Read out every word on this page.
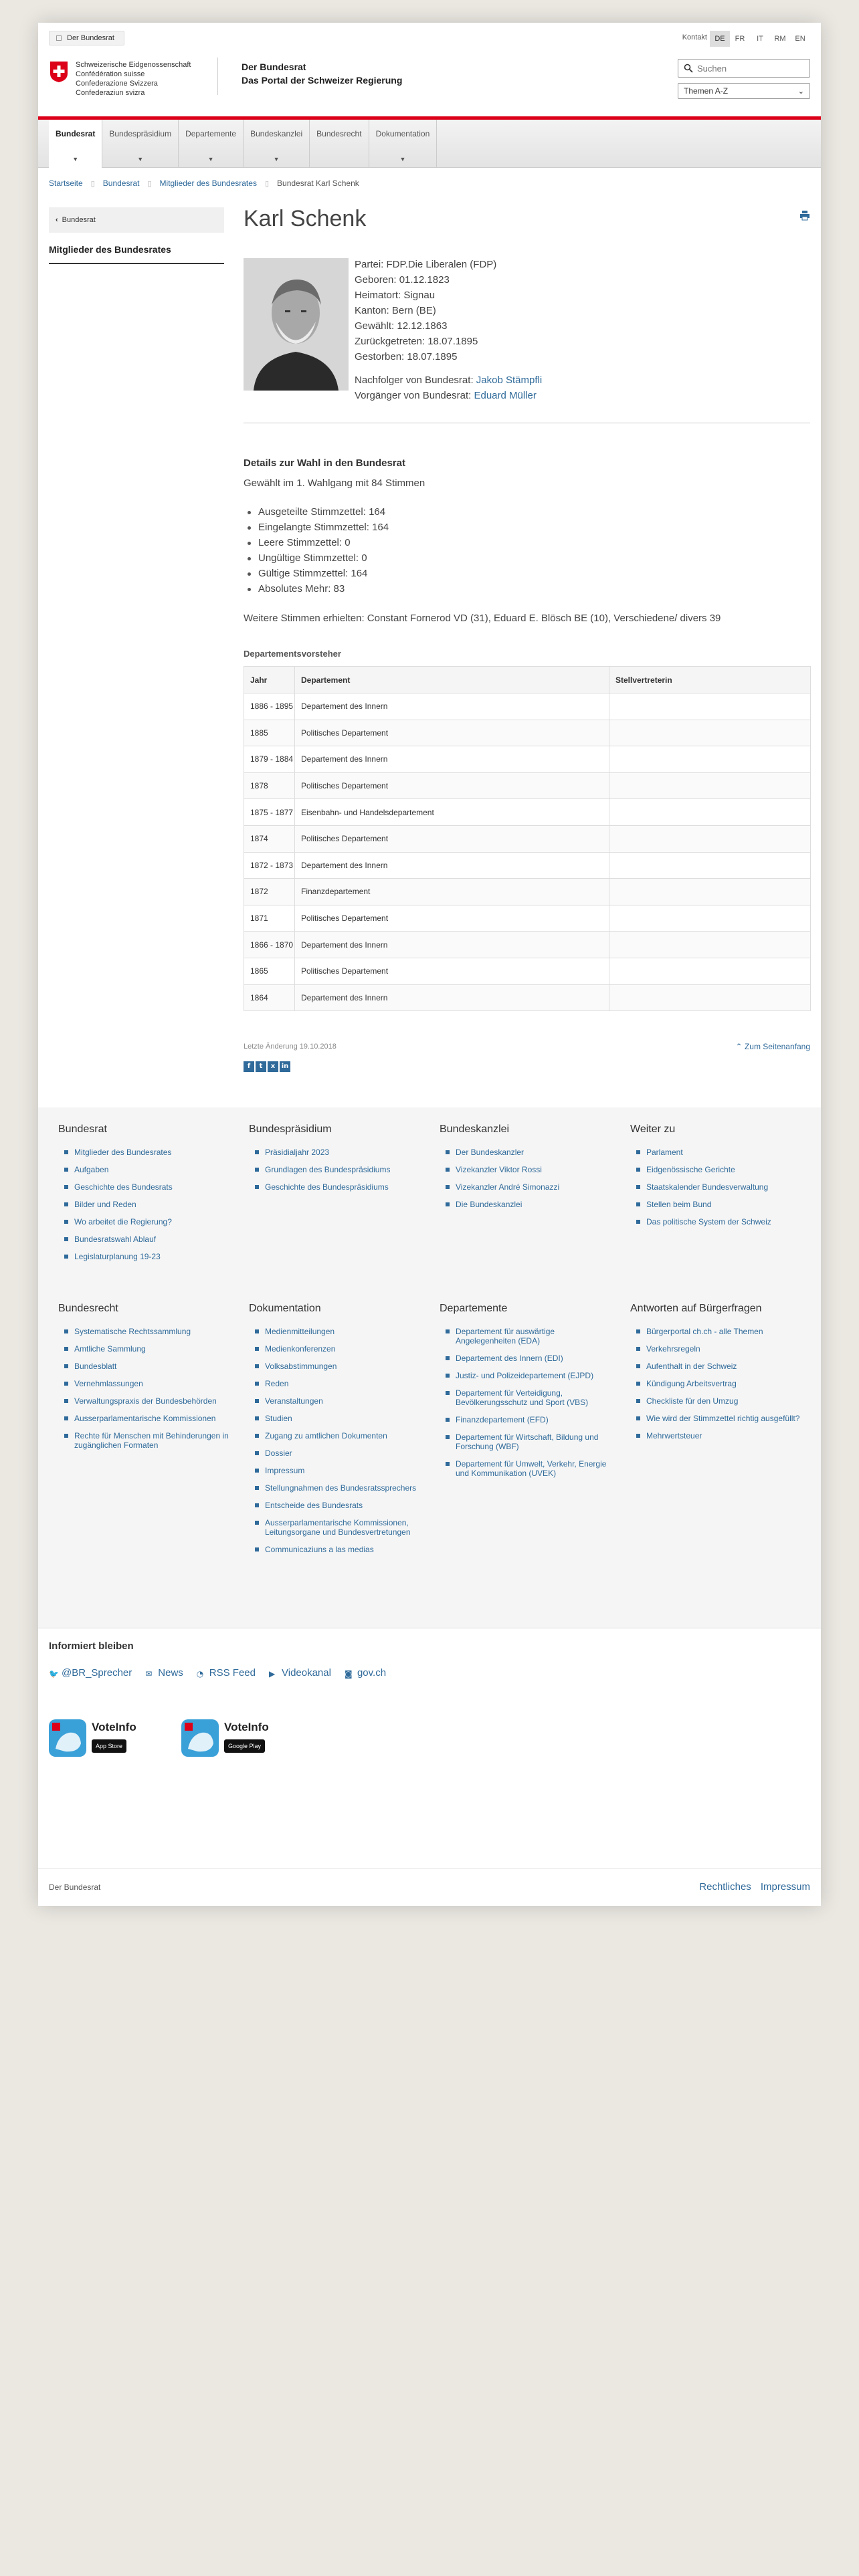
Der Bundesrat	Kontakt	DE	FR	IT	RM	EN
Schweizerische Eidgenossenschaft
Confédération suisse
Confederazione Svizzera
Confederaziun svizra
Der Bundesrat
Das Portal der Schweizer Regierung
Suchen
Themen A-Z	⌄
Bundesrat
▼
Bundespräsidium
▼
Departemente
▼
Bundeskanzlei
▼
Bundesrecht	Dokumentation
▼
Startseite ▯ Bundesrat ▯ Mitglieder des Bundesrates ▯ Bundesrat Karl Schenk
‹ Bundesrat
Mitglieder des Bundesrates
Karl Schenk
Partei: FDP.Die Liberalen (FDP)
Geboren: 01.12.1823
Heimatort: Signau
Kanton: Bern (BE)
Gewählt: 12.12.1863
Zurückgetreten: 18.07.1895
Gestorben: 18.07.1895
Nachfolger von Bundesrat: Jakob Stämpfli
Vorgänger von Bundesrat: Eduard Müller
Details zur Wahl in den Bundesrat

Gewählt im 1. Wahlgang mit 84 Stimmen

Ausgeteilte Stimmzettel: 164
Eingelangte Stimmzettel: 164
Leere Stimmzettel: 0
Ungültige Stimmzettel: 0
Gültige Stimmzettel: 164
Absolutes Mehr: 83

Weitere Stimmen erhielten: Constant Fornerod VD (31), Eduard E. Blösch BE (10), Verschiedene/ divers 39

Departementsvorsteher
Jahr	Departement	Stellvertreterin
1886 - 1895	Departement des Innern	
1885	Politisches Departement	
1879 - 1884	Departement des Innern	
1878	Politisches Departement	
1875 - 1877	Eisenbahn- und Handelsdepartement	
1874	Politisches Departement	
1872 - 1873	Departement des Innern	
1872	Finanzdepartement	
1871	Politisches Departement	
1866 - 1870	Departement des Innern	
1865	Politisches Departement	
1864	Departement des Innern	
Letzte Änderung 19.10.2018	⌃ Zum Seitenanfang
f	t	x in
Bundesrat
Mitglieder des Bundesrates
Aufgaben
Geschichte des Bundesrats
Bilder und Reden
Wo arbeitet die Regierung?
Bundesratswahl Ablauf
Legislaturplanung 19-23
Bundespräsidium
Präsidialjahr 2023
Grundlagen des Bundespräsidiums
Geschichte des Bundespräsidiums
Bundeskanzlei
Der Bundeskanzler
Vizekanzler Viktor Rossi
Vizekanzler André Simonazzi
Die Bundeskanzlei
Weiter zu
Parlament
Eidgenössische Gerichte
Staatskalender Bundesverwaltung
Stellen beim Bund
Das politische System der Schweiz
Bundesrecht
Systematische Rechtssammlung
Amtliche Sammlung
Bundesblatt
Vernehmlassungen
Verwaltungspraxis der Bundesbehörden
Ausserparlamentarische Kommissionen
Rechte für Menschen mit Behinderungen in zugänglichen Formaten
Dokumentation
Medienmitteilungen
Medienkonferenzen
Volksabstimmungen
Reden
Veranstaltungen
Studien
Zugang zu amtlichen Dokumenten
Dossier
Impressum
Stellungnahmen des Bundesratssprechers
Entscheide des Bundesrats
Ausserparlamentarische Kommissionen, Leitungsorgane und Bundesvertretungen
Communicaziuns a las medias
Departemente
Departement für auswärtige Angelegenheiten (EDA)
Departement des Innern (EDI)
Justiz- und Polizeidepartement (EJPD)
Departement für Verteidigung, Bevölkerungsschutz und Sport (VBS)
Finanzdepartement (EFD)
Departement für Wirtschaft, Bildung und Forschung (WBF)
Departement für Umwelt, Verkehr, Energie und Kommunikation (UVEK)
Antworten auf Bürgerfragen
Bürgerportal ch.ch - alle Themen
Verkehrsregeln
Aufenthalt in der Schweiz
Kündigung Arbeitsvertrag
Checkliste für den Umzug
Wie wird der Stimmzettel richtig ausgefüllt?
Mehrwertsteuer
Informiert bleiben
🐦 @BR_Sprecher ✉ News ◔ RSS Feed ▶ Videokanal ◙ gov.ch
VoteInfo
App Store
VoteInfo
Google Play
Der Bundesrat	Rechtliches Impressum
